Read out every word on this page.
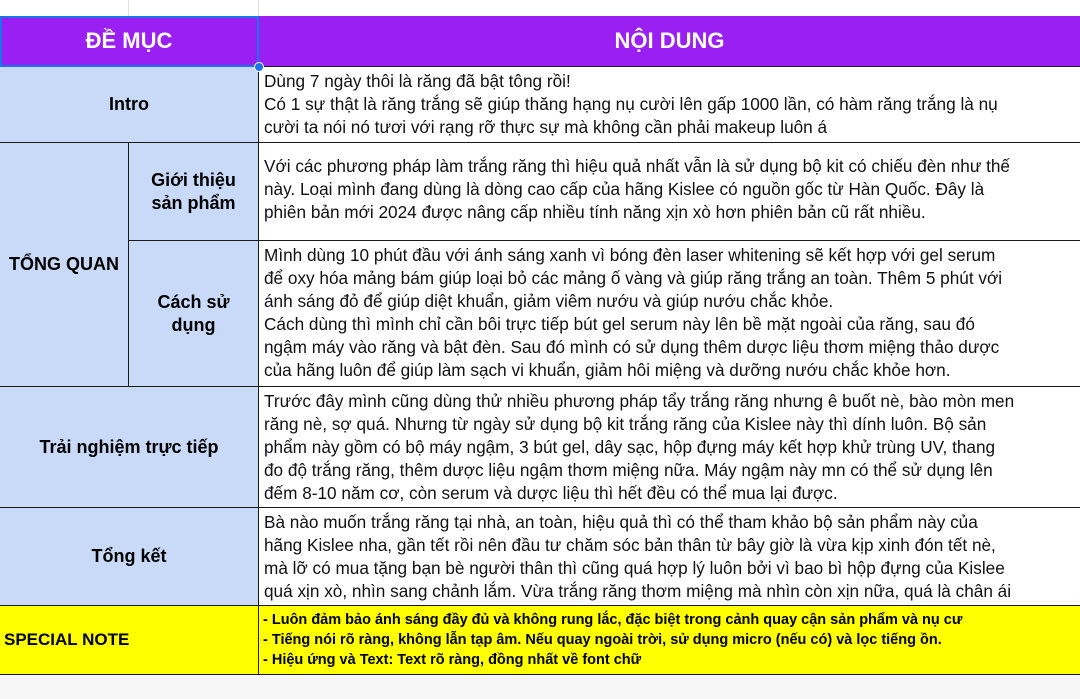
ĐỀ MỤC	NỘI DUNG
Intro
Dùng 7 ngày thôi là răng đã bật tông rồi!
Có 1 sự thật là răng trắng sẽ giúp thăng hạng nụ cười lên gấp 1000 lần, có hàm răng trắng là nụ
cười ta nói nó tươi với rạng rỡ thực sự mà không cần phải makeup luôn á
TỔNG QUAN
Giới thiệu
sản phẩm
Với các phương pháp làm trắng răng thì hiệu quả nhất vẫn là sử dụng bộ kit có chiếu đèn như thế
này. Loại mình đang dùng là dòng cao cấp của hãng Kislee có nguồn gốc từ Hàn Quốc. Đây là
phiên bản mới 2024 được nâng cấp nhiều tính năng xịn xò hơn phiên bản cũ rất nhiều.
Cách sử
dụng
Mình dùng 10 phút đầu với ánh sáng xanh vì bóng đèn laser whitening sẽ kết hợp với gel serum
để oxy hóa mảng bám giúp loại bỏ các mảng ố vàng và giúp răng trắng an toàn. Thêm 5 phút với
ánh sáng đỏ để giúp diệt khuẩn, giảm viêm nướu và giúp nướu chắc khỏe.
Cách dùng thì mình chỉ cần bôi trực tiếp bút gel serum này lên bề mặt ngoài của răng, sau đó
ngậm máy vào răng và bật đèn. Sau đó mình có sử dụng thêm dược liệu thơm miệng thảo dược
của hãng luôn để giúp làm sạch vi khuẩn, giảm hôi miệng và dưỡng nướu chắc khỏe hơn.
Trải nghiệm trực tiếp
Trước đây mình cũng dùng thử nhiều phương pháp tẩy trắng răng nhưng ê buốt nè, bào mòn men
răng nè, sợ quá. Nhưng từ ngày sử dụng bộ kit trắng răng của Kislee này thì dính luôn. Bộ sản
phẩm này gồm có bộ máy ngậm, 3 bút gel, dây sạc, hộp đựng máy kết hợp khử trùng UV, thang
đo độ trắng răng, thêm dược liệu ngậm thơm miệng nữa. Máy ngậm này mn có thể sử dụng lên
đếm 8-10 năm cơ, còn serum và dược liệu thì hết đều có thể mua lại được.
Tổng kết
Bà nào muốn trắng răng tại nhà, an toàn, hiệu quả thì có thể tham khảo bộ sản phẩm này của
hãng Kislee nha, gần tết rồi nên đầu tư chăm sóc bản thân từ bây giờ là vừa kịp xinh đón tết nè,
mà lỡ có mua tặng bạn bè người thân thì cũng quá hợp lý luôn bởi vì bao bì hộp đựng của Kislee
quá xịn xò, nhìn sang chảnh lắm. Vừa trắng răng thơm miệng mà nhìn còn xịn nữa, quá là chân ái
SPECIAL NOTE
- Luôn đảm bảo ánh sáng đầy đủ và không rung lắc, đặc biệt trong cảnh quay cận sản phẩm và nụ cư
- Tiếng nói rõ ràng, không lẫn tạp âm. Nếu quay ngoài trời, sử dụng micro (nếu có) và lọc tiếng ồn.
- Hiệu ứng và Text: Text rõ ràng, đồng nhất về font chữ
